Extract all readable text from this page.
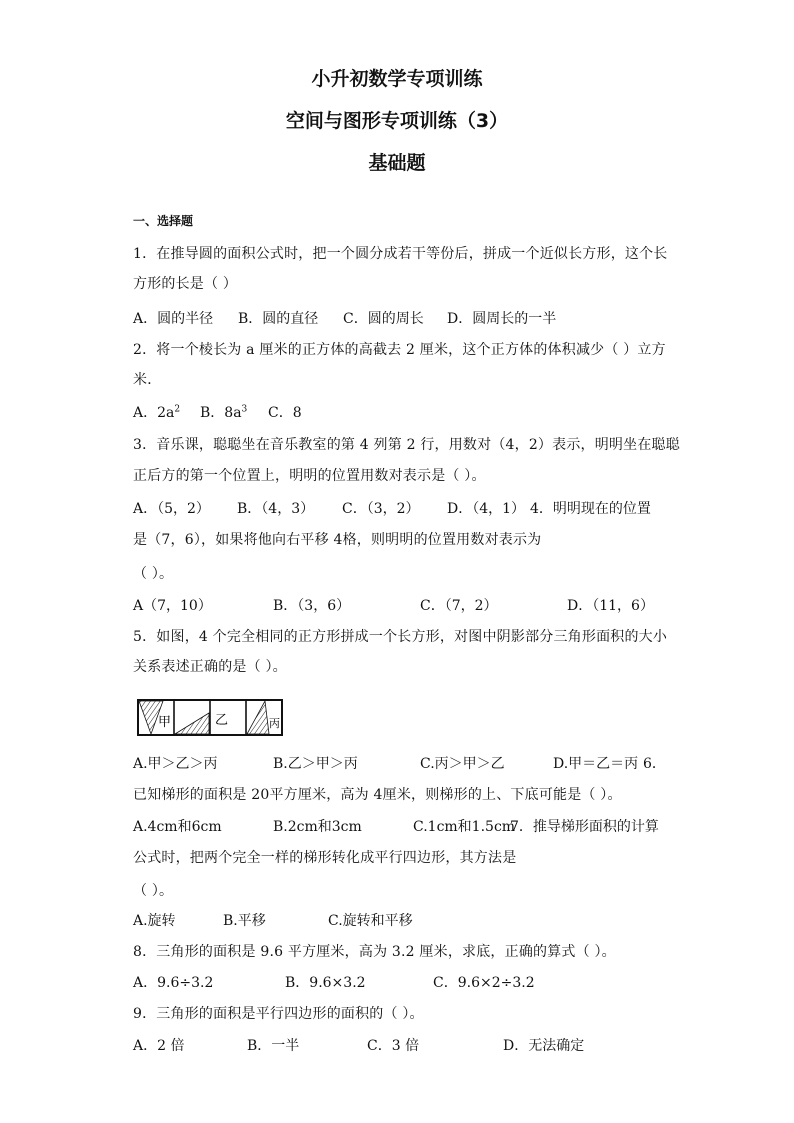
小升初数学专项训练
空间与图形专项训练（3）
基础题
一、选择题
1．在推导圆的面积公式时，把一个圆分成若干等份后，拼成一个近似长方形，这个长
方形的长是（ ）
A．圆的半径 B．圆的直径 C．圆的周长 D．圆周长的一半
2．将一个棱长为 a 厘米的正方体的高截去 2 厘米，这个正方体的体积减少（ ）立方
米．
A．$2a^2$ B．$8a^3$ C．8
3．音乐课，聪聪坐在音乐教室的第 4 列第 2 行，用数对（4，2）表示，明明坐在聪聪
正后方的第一个位置上，明明的位置用数对表示是（ ）。
A．（5，2） B．（4，3） C．（3，2） D．（4，1） 4．明明现在的位置
是（7，6），如果将他向右平移 4格，则明明的位置用数对表示为
（ ）。
A（7，10）	B．（3，6）	C．（7，2）	D．（11，6）
5．如图，4 个完全相同的正方形拼成一个长方形，对图中阴影部分三角形面积的大小
关系表述正确的是（ ）。
甲	乙	丙
A.甲＞乙＞丙	B.乙＞甲＞丙	C.丙＞甲＞乙	D.甲＝乙＝丙 6．
已知梯形的面积是 20平方厘米，高为 4厘米，则梯形的上、下底可能是（ ）。
A.4cm和6cm	B.2cm和3cm	C.1cm和1.5cm
7．推导梯形面积的计算
公式时，把两个完全一样的梯形转化成平行四边形，其方法是
（ ）。
A.旋转	B.平移	C.旋转和平移
8．三角形的面积是 9.6 平方厘米，高为 3.2 厘米，求底，正确的算式（ ）。
A．9.6÷3.2	B．9.6×3.2	C．9.6×2÷3.2
9．三角形的面积是平行四边形的面积的（ ）。
A．2 倍	B．一半	C．3 倍	D．无法确定
